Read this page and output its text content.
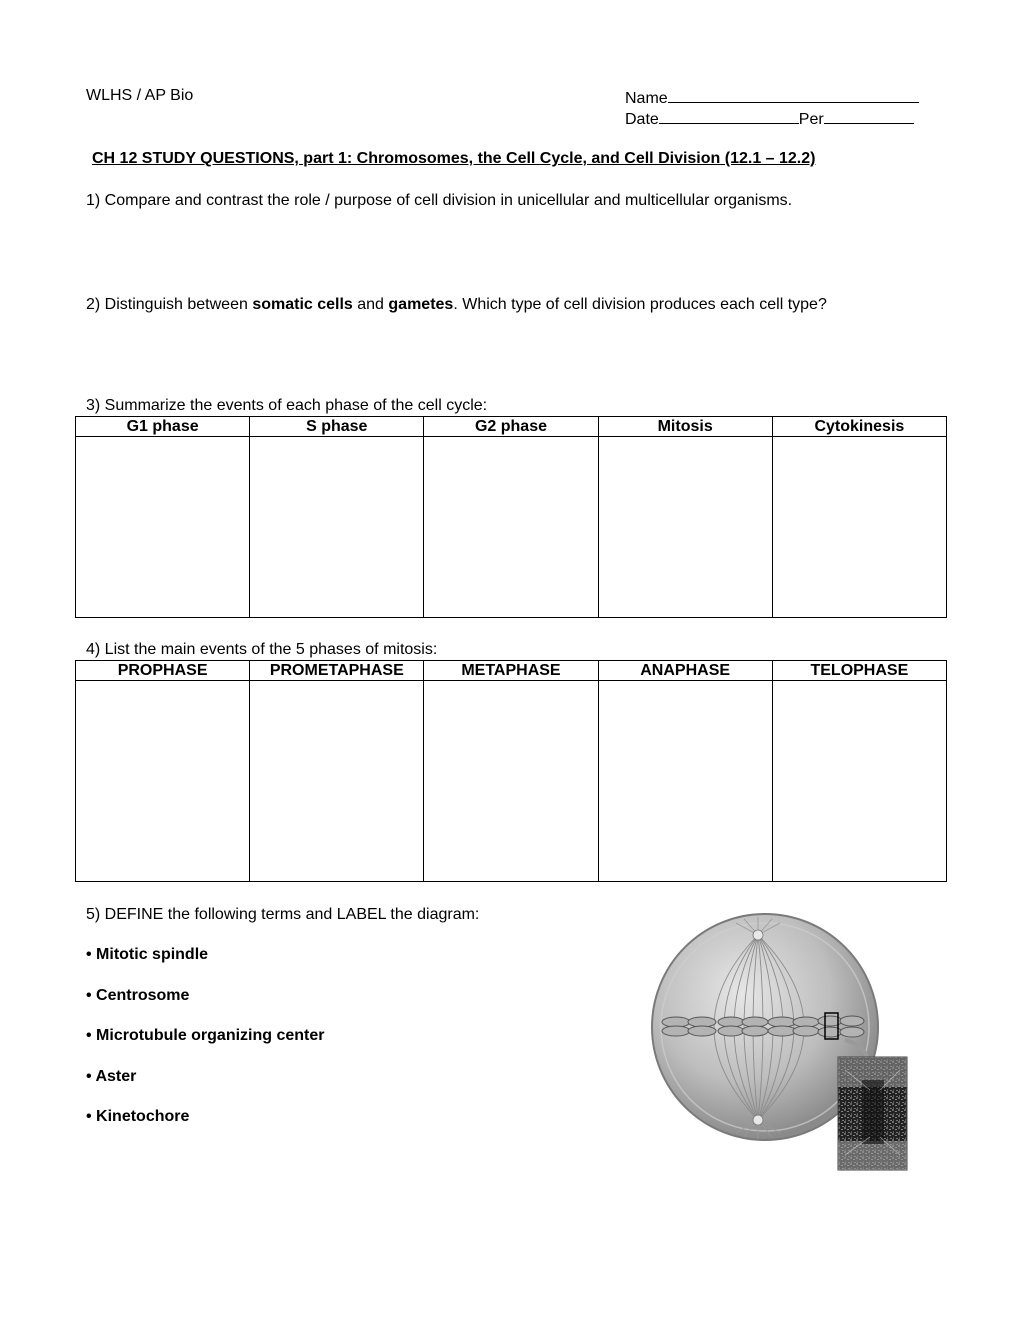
WLHS / AP Bio	Name
Date	Per
CH 12 STUDY QUESTIONS, part 1: Chromosomes, the Cell Cycle, and Cell Division (12.1 – 12.2)
1) Compare and contrast the role / purpose of cell division in unicellular and multicellular organisms.
2) Distinguish between somatic cells and gametes. Which type of cell division produces each cell type?
3) Summarize the events of each phase of the cell cycle:
G1 phase	S phase	G2 phase	Mitosis	Cytokinesis

4) List the main events of the 5 phases of mitosis:
PROPHASE	PROMETAPHASE	METAPHASE	ANAPHASE	TELOPHASE

5) DEFINE the following terms and LABEL the diagram:
• Mitotic spindle
• Centrosome
• Microtubule organizing center
• Aster
• Kinetochore
